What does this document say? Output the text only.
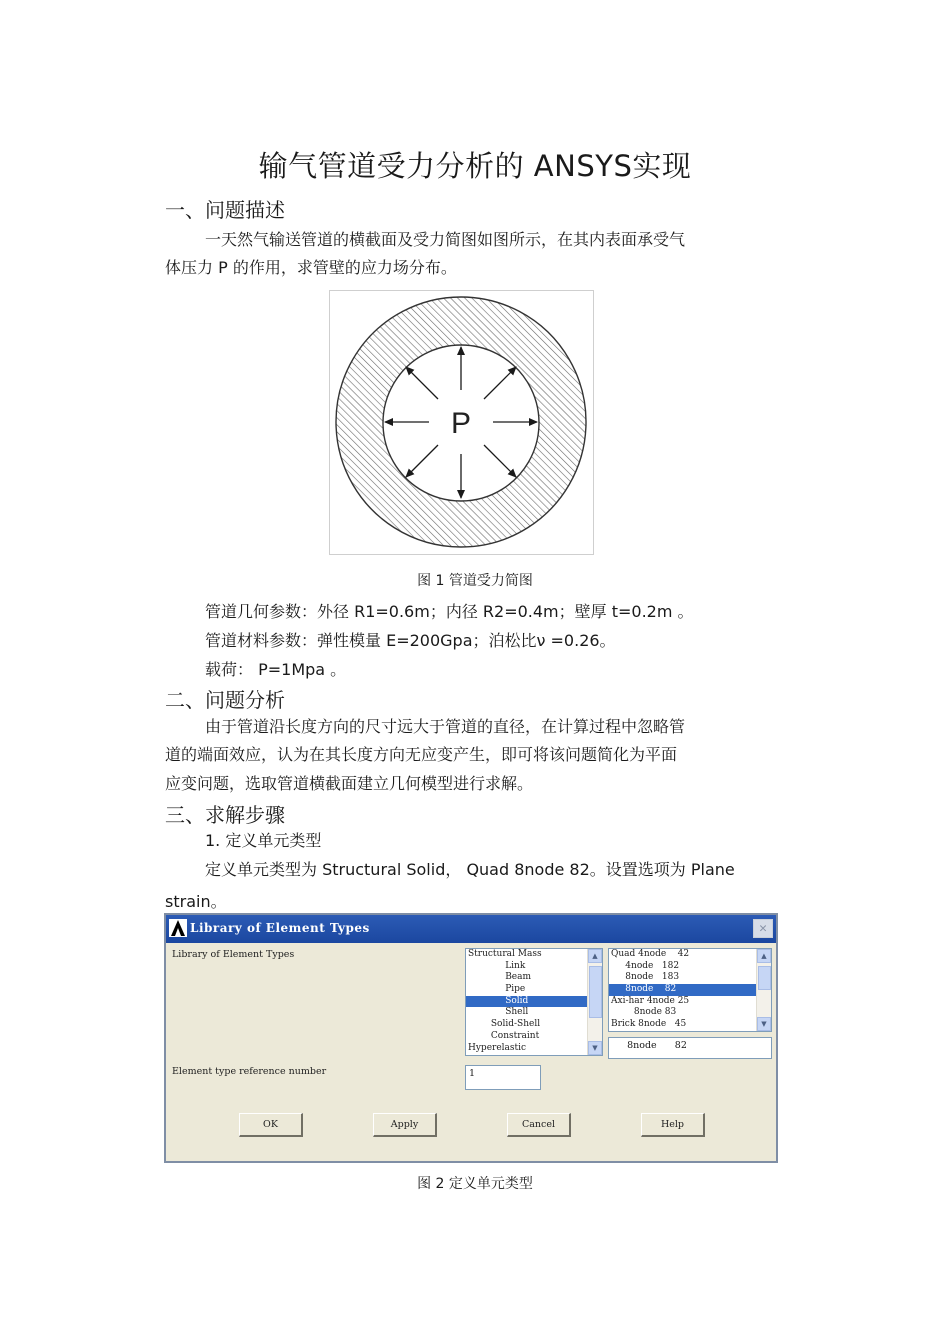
输气管道受力分析的 ANSYS实现
一、问题描述
一天然气输送管道的横截面及受力简图如图所示，在其内表面承受气
体压力 P 的作用，求管壁的应力场分布。
P
图 1 管道受力简图
管道几何参数：外径 R1=0.6m；内径 R2=0.4m；壁厚 t=0.2m 。
管道材料参数：弹性模量 E=200Gpa；泊松比ν =0.26。
载荷： P=1Mpa 。
二、问题分析
由于管道沿长度方向的尺寸远大于管道的直径，在计算过程中忽略管
道的端面效应，认为在其长度方向无应变产生，即可将该问题简化为平面
应变问题，选取管道横截面建立几何模型进行求解。
三、求解步骤
1. 定义单元类型
定义单元类型为 Structural Solid， Quad 8node 82。设置选项为 Plane
strain。
Library of Element Types	✕
Library of Element Types	Structural Mass
Link
Beam
Pipe
Solid
Shell
Solid-Shell
Constraint
Hyperelastic
▲
▼
Quad 4node    42
4node   182
8node   183
8node    82
Axi-har 4node 25
8node 83
Brick 8node   45
▲
▼
8node      82
Element type reference number	1
OK	Apply	Cancel	Help
图 2 定义单元类型
